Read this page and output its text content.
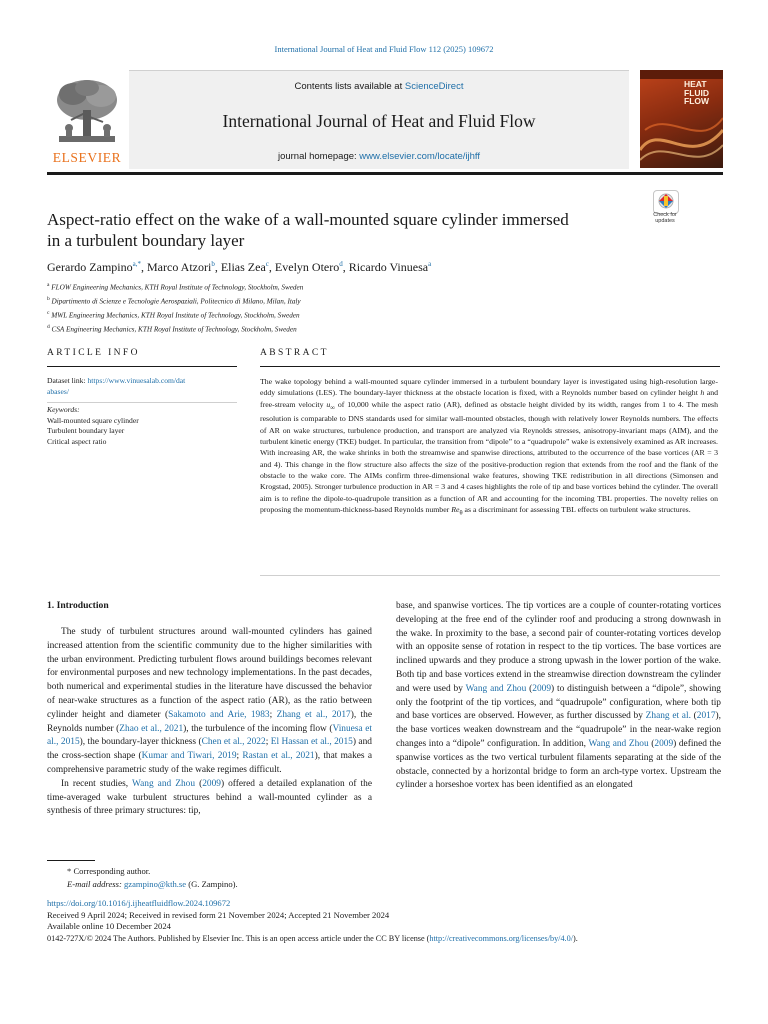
International Journal of Heat and Fluid Flow 112 (2025) 109672
ELSEVIER
Contents lists available at ScienceDirect
International Journal of Heat and Fluid Flow
journal homepage: www.elsevier.com/locate/ijhff
HEAT
FLUID
FLOW
Check for
updates
Aspect-ratio effect on the wake of a wall-mounted square cylinder immersed
in a turbulent boundary layer
Gerardo Zampino$^{a,*}$, Marco Atzori$^b$, Elias Zea$^c$, Evelyn Otero$^d$, Ricardo Vinuesa$^a$
$^a$ FLOW Engineering Mechanics, KTH Royal Institute of Technology, Stockholm, Sweden
$^b$ Dipartimento di Scienze e Tecnologie Aerospaziali, Politecnico di Milano, Milan, Italy
$^c$ MWL Engineering Mechanics, KTH Royal Institute of Technology, Stockholm, Sweden
$^d$ CSA Engineering Mechanics, KTH Royal Institute of Technology, Stockholm, Sweden
ARTICLE INFO
Dataset link: https://www.vinuesalab.com/dat
abases/
Keywords:
Wall-mounted square cylinder
Turbulent boundary layer
Critical aspect ratio
ABSTRACT
The wake topology behind a wall-mounted square cylinder immersed in a turbulent boundary layer is investigated using high-resolution large-eddy simulations (LES). The boundary-layer thickness at the obstacle location is fixed, with a Reynolds number based on cylinder height h and free-stream velocity $u_\infty$ of 10,000 while the aspect ratio (AR), defined as obstacle height divided by its width, ranges from 1 to 4. The mesh resolution is comparable to DNS standards used for similar wall-mounted obstacles, though with relatively lower Reynolds numbers. The effects of AR on wake structures, turbulence production, and transport are analyzed via Reynolds stresses, anisotropy-invariant maps (AIM), and the turbulent kinetic energy (TKE) budget. In particular, the transition from “dipole” to a “quadrupole” wake is extensively examined as AR increases. With increasing AR, the wake shrinks in both the streamwise and spanwise directions, attributed to the occurrence of the base vortices (AR = 3 and 4). This change in the flow structure also affects the size of the positive-production region that extends from the roof and the flank of the obstacle to the wake core. The AIMs confirm three-dimensional wake features, showing TKE redistribution in all directions (Simonsen and Krogstad, 2005). Stronger turbulence production in AR = 3 and 4 cases highlights the role of tip and base vortices behind the cylinder. The overall aim is to refine the dipole-to-quadrupole transition as a function of AR and accounting for the incoming TBL properties. The novelty relies on proposing the momentum-thickness-based Reynolds number $Re_\theta$ as a discriminant for assessing TBL effects on turbulent wake structures.
1. Introduction

The study of turbulent structures around wall-mounted cylinders has gained increased attention from the scientific community due to the higher similarities with the urban environment. Predicting turbulent flows around buildings becomes relevant for environmental purposes and new technology implementations. In the past decades, both numerical and experimental studies in the literature have discussed the behavior of near-wake structures as a function of the aspect ratio (AR), as the ratio between cylinder height and diameter (Sakamoto and Arie, 1983; Zhang et al., 2017), the Reynolds number (Zhao et al., 2021), the turbulence of the incoming flow (Vinuesa et al., 2015), the boundary-layer thickness (Chen et al., 2022; El Hassan et al., 2015) and the cross-section shape (Kumar and Tiwari, 2019; Rastan et al., 2021), that makes a comprehensive parametric study of the wake regimes difficult.

In recent studies, Wang and Zhou (2009) offered a detailed explanation of the time-averaged wake turbulent structures behind a wall-mounted cylinder as a synthesis of three primary structures: tip,

base, and spanwise vortices. The tip vortices are a couple of counter-rotating vortices developing at the free end of the cylinder roof and producing a strong downwash in the wake. In proximity to the base, a second pair of counter-rotating vortices develop with an opposite sense of rotation in respect to the tip vortices. The base vortices are inclined upwards and they produce a strong upwash in the lower portion of the wake. Both tip and base vortices extend in the streamwise direction downstream the cylinder and were used by Wang and Zhou (2009) to distinguish between a “dipole”, showing only the footprint of the tip vortices, and “quadrupole” configuration, where both tip and base vortices are observed. However, as further discussed by Zhang et al. (2017), the base vortices weaken downstream and the “quadrupole” in the near-wake region changes into a “dipole” configuration. In addition, Wang and Zhou (2009) defined the spanwise vortices as the two vertical turbulent filaments separating at the side of the obstacle, connected by a horizontal bridge to form an arch-type vortex. Upstream the cylinder a horseshoe vortex has been identified as an elongated

* Corresponding author.
E-mail address: gzampino@kth.se (G. Zampino).
https://doi.org/10.1016/j.ijheatfluidflow.2024.109672
Received 9 April 2024; Received in revised form 21 November 2024; Accepted 21 November 2024
Available online 10 December 2024
0142-727X/© 2024 The Authors. Published by Elsevier Inc. This is an open access article under the CC BY license (http://creativecommons.org/licenses/by/4.0/).
